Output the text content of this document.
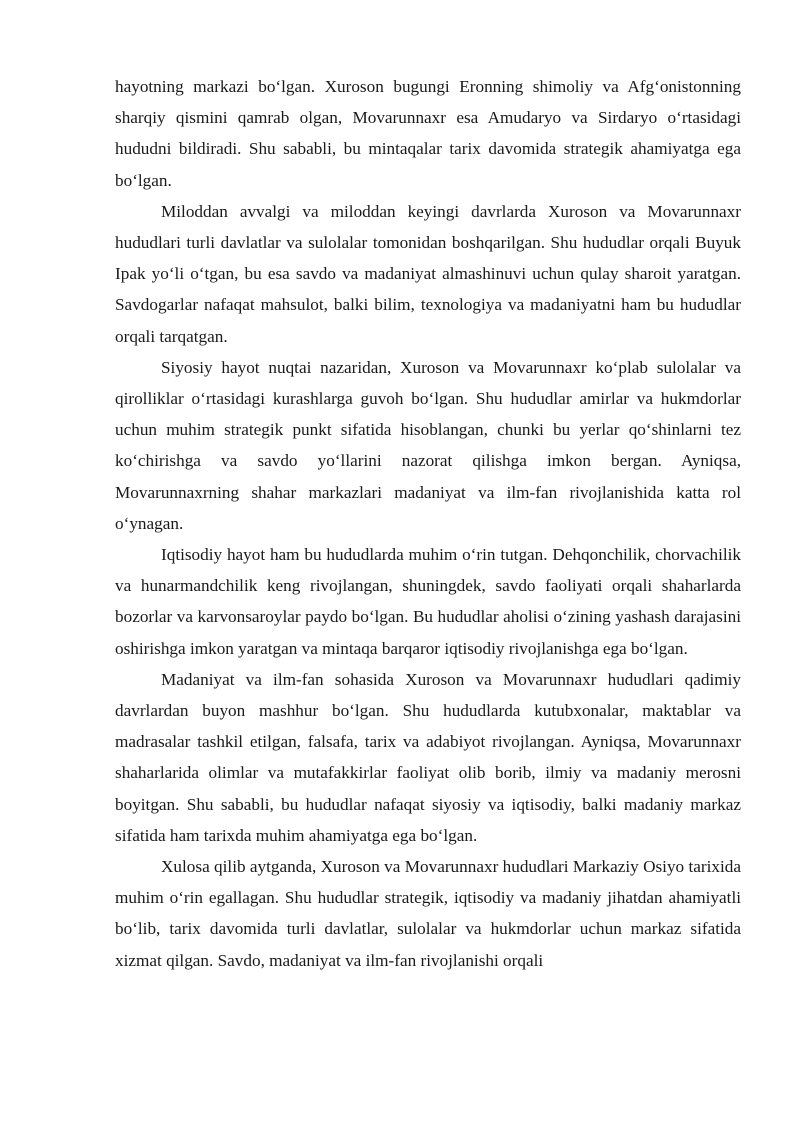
hayotning markazi bo‘lgan. Xuroson bugungi Eronning shimoliy va Afg‘onistonning sharqiy qismini qamrab olgan, Movarunnaxr esa Amudaryo va Sirdaryo o‘rtasidagi hududni bildiradi. Shu sababli, bu mintaqalar tarix davomida strategik ahamiyatga ega bo‘lgan.

Miloddan avvalgi va miloddan keyingi davrlarda Xuroson va Movarunnaxr hududlari turli davlatlar va sulolalar tomonidan boshqarilgan. Shu hududlar orqali Buyuk Ipak yo‘li o‘tgan, bu esa savdo va madaniyat almashinuvi uchun qulay sharoit yaratgan. Savdogarlar nafaqat mahsulot, balki bilim, texnologiya va madaniyatni ham bu hududlar orqali tarqatgan.

Siyosiy hayot nuqtai nazaridan, Xuroson va Movarunnaxr ko‘plab sulolalar va qirolliklar o‘rtasidagi kurashlarga guvoh bo‘lgan. Shu hududlar amirlar va hukmdorlar uchun muhim strategik punkt sifatida hisoblangan, chunki bu yerlar qo‘shinlarni tez ko‘chirishga va savdo yo‘llarini nazorat qilishga imkon bergan. Ayniqsa, Movarunnaxrning shahar markazlari madaniyat va ilm-fan rivojlanishida katta rol o‘ynagan.

Iqtisodiy hayot ham bu hududlarda muhim o‘rin tutgan. Dehqonchilik, chorvachilik va hunarmandchilik keng rivojlangan, shuningdek, savdo faoliyati orqali shaharlarda bozorlar va karvonsaroylar paydo bo‘lgan. Bu hududlar aholisi o‘zining yashash darajasini oshirishga imkon yaratgan va mintaqa barqaror iqtisodiy rivojlanishga ega bo‘lgan.

Madaniyat va ilm-fan sohasida Xuroson va Movarunnaxr hududlari qadimiy davrlardan buyon mashhur bo‘lgan. Shu hududlarda kutubxonalar, maktablar va madrasalar tashkil etilgan, falsafa, tarix va adabiyot rivojlangan. Ayniqsa, Movarunnaxr shaharlarida olimlar va mutafakkirlar faoliyat olib borib, ilmiy va madaniy merosni boyitgan. Shu sababli, bu hududlar nafaqat siyosiy va iqtisodiy, balki madaniy markaz sifatida ham tarixda muhim ahamiyatga ega bo‘lgan.

Xulosa qilib aytganda, Xuroson va Movarunnaxr hududlari Markaziy Osiyo tarixida muhim o‘rin egallagan. Shu hududlar strategik, iqtisodiy va madaniy jihatdan ahamiyatli bo‘lib, tarix davomida turli davlatlar, sulolalar va hukmdorlar uchun markaz sifatida xizmat qilgan. Savdo, madaniyat va ilm-fan rivojlanishi orqali
